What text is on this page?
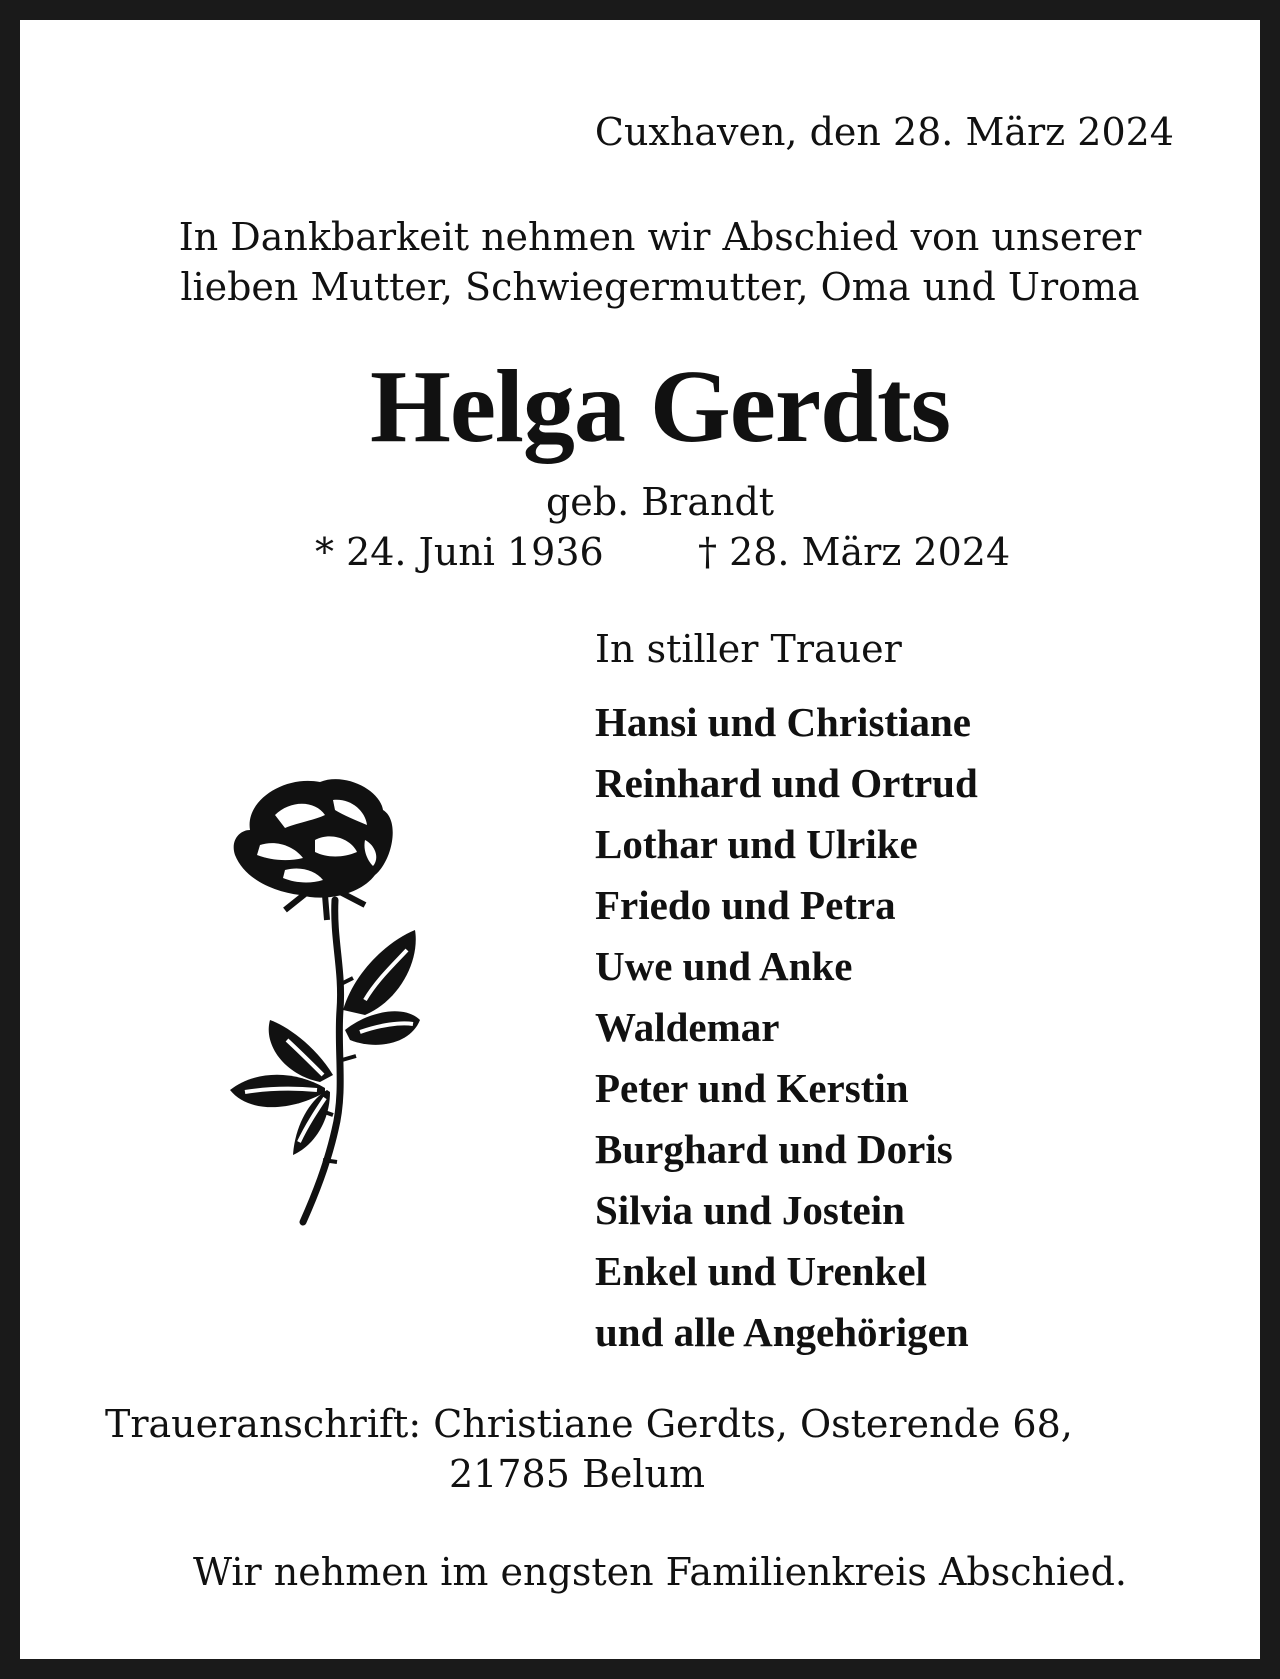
Cuxhaven, den 28. März 2024
In Dankbarkeit nehmen wir Abschied von unserer
lieben Mutter, Schwiegermutter, Oma und Uroma
Helga Gerdts
geb. Brandt
* 24. Juni 1936 † 28. März 2024
In stiller Trauer
Hansi und Christiane
Reinhard und Ortrud
Lothar und Ulrike
Friedo und Petra
Uwe und Anke
Waldemar
Peter und Kerstin
Burghard und Doris
Silvia und Jostein
Enkel und Urenkel
und alle Angehörigen
Traueranschrift: Christiane Gerdts, Osterende 68,
21785 Belum
Wir nehmen im engsten Familienkreis Abschied.
